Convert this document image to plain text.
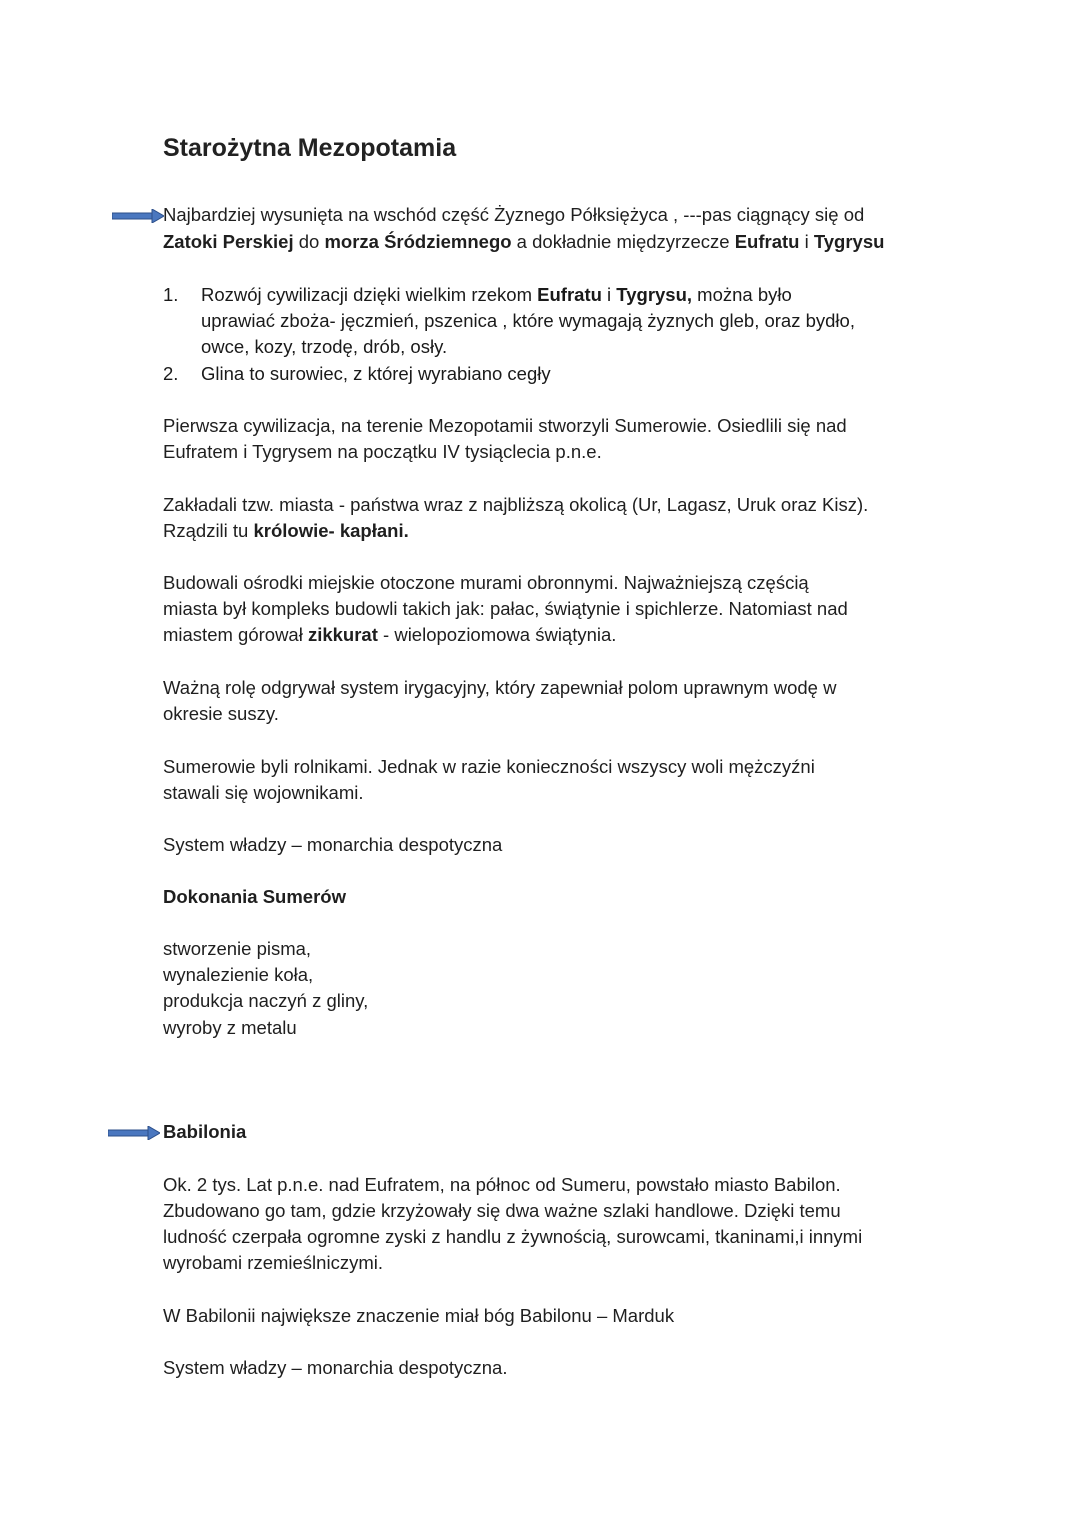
Starożytna Mezopotamia
Najbardziej wysunięta na wschód część Żyznego Półksiężyca , ---pas ciągnący się od
Zatoki Perskiej do morza Śródziemnego a dokładnie międzyrzecze Eufratu i Tygrysu
1. Rozwój cywilizacji dzięki wielkim rzekom Eufratu i Tygrysu, można było
uprawiać zboża- jęczmień, pszenica , które wymagają żyznych gleb, oraz bydło,
owce, kozy, trzodę, drób, osły.
2. Glina to surowiec, z której wyrabiano cegły
Pierwsza cywilizacja, na terenie Mezopotamii stworzyli Sumerowie. Osiedlili się nad
Eufratem i Tygrysem na początku IV tysiąclecia p.n.e.
Zakładali tzw. miasta - państwa wraz z najbliższą okolicą (Ur, Lagasz, Uruk oraz Kisz).
Rządzili tu królowie- kapłani.
Budowali ośrodki miejskie otoczone murami obronnymi. Najważniejszą częścią
miasta był kompleks budowli takich jak: pałac, świątynie i spichlerze. Natomiast nad
miastem górował zikkurat - wielopoziomowa świątynia.
Ważną rolę odgrywał system irygacyjny, który zapewniał polom uprawnym wodę w
okresie suszy.
Sumerowie byli rolnikami. Jednak w razie konieczności wszyscy woli mężczyźni
stawali się wojownikami.
System władzy – monarchia despotyczna
Dokonania Sumerów
stworzenie pisma,
wynalezienie koła,
produkcja naczyń z gliny,
wyroby z metalu
Babilonia
Ok. 2 tys. Lat p.n.e. nad Eufratem, na północ od Sumeru, powstało miasto Babilon.
Zbudowano go tam, gdzie krzyżowały się dwa ważne szlaki handlowe. Dzięki temu
ludność czerpała ogromne zyski z handlu z żywnością, surowcami, tkaninami,i innymi
wyrobami rzemieślniczymi.
W Babilonii największe znaczenie miał bóg Babilonu – Marduk
System władzy – monarchia despotyczna.
